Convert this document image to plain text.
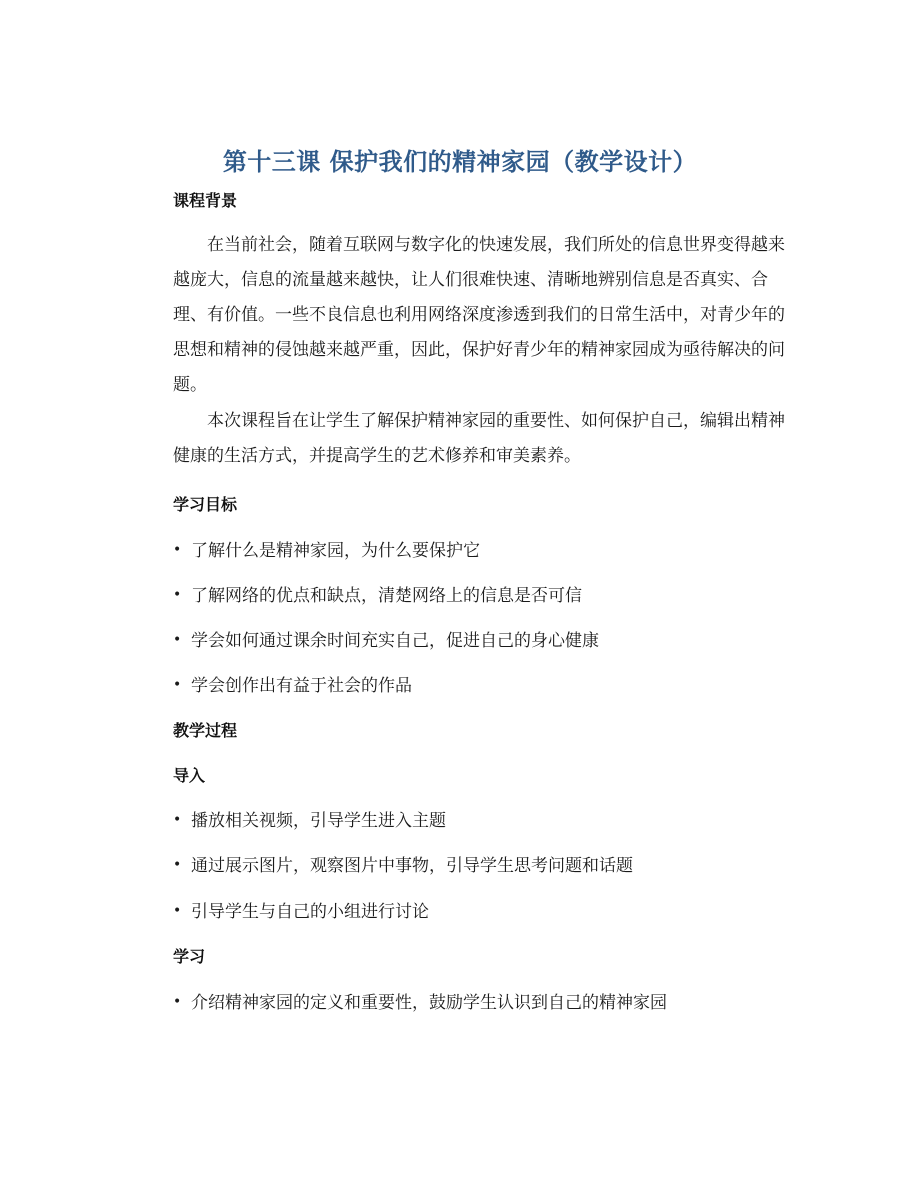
第十三课 保护我们的精神家园（教学设计）
课程背景
在当前社会，随着互联网与数字化的快速发展，我们所处的信息世界变得越来越庞大，信息的流量越来越快，让人们很难快速、清晰地辨别信息是否真实、合理、有价值。一些不良信息也利用网络深度渗透到我们的日常生活中，对青少年的思想和精神的侵蚀越来越严重，因此，保护好青少年的精神家园成为亟待解决的问题。
本次课程旨在让学生了解保护精神家园的重要性、如何保护自己，编辑出精神健康的生活方式，并提高学生的艺术修养和审美素养。
学习目标
• 了解什么是精神家园，为什么要保护它
• 了解网络的优点和缺点，清楚网络上的信息是否可信
• 学会如何通过课余时间充实自己，促进自己的身心健康
• 学会创作出有益于社会的作品
教学过程
导入
• 播放相关视频，引导学生进入主题
• 通过展示图片，观察图片中事物，引导学生思考问题和话题
• 引导学生与自己的小组进行讨论
学习
• 介绍精神家园的定义和重要性，鼓励学生认识到自己的精神家园
